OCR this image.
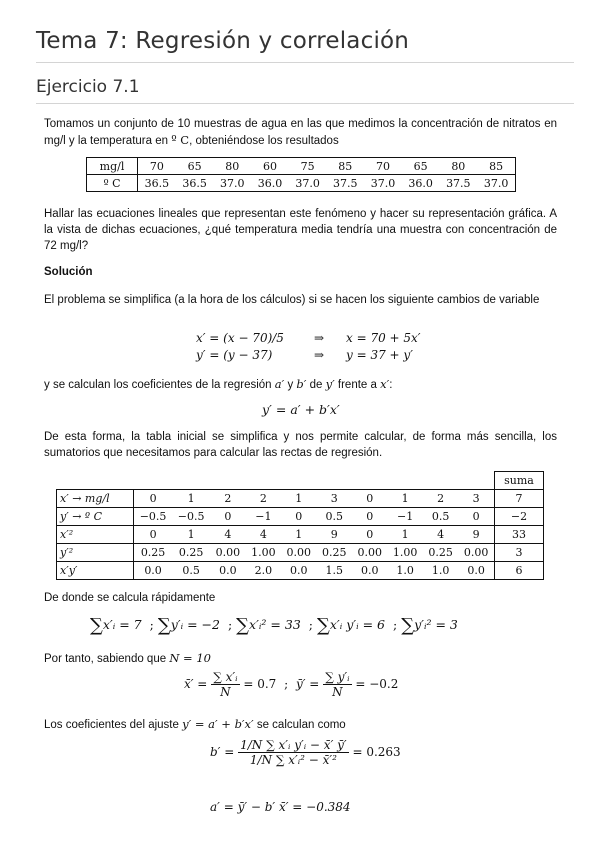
Tema 7: Regresión y correlación
Ejercicio 7.1

Tomamos un conjunto de 10 muestras de agua en las que medimos la concentración de nitratos en mg/l y la temperatura en º C, obteniéndose los resultados

mg/l	70	65	80	60	75	85	70	65	80	85
º C	36.5	36.5	37.0	36.0	37.0	37.5	37.0	36.0	37.5	37.0

Hallar las ecuaciones lineales que representan este fenómeno y hacer su representación gráfica. A la vista de dichas ecuaciones, ¿qué temperatura media tendría una muestra con concentración de 72 mg/l?

Solución

El problema se simplifica (a la hora de los cálculos) si se hacen los siguiente cambios de variable

x′ = (x − 70)/5	⇒ x = 70 + 5x′
y′ = (y − 37)	⇒ y = 37 + y′

y se calculan los coeficientes de la regresión a′ y b′ de y′ frente a x′:

y′ = a′ + b′x′

De esta forma, la tabla inicial se simplifica y nos permite calcular, de forma más sencilla, los sumatorios que necesitamos para calcular las rectas de regresión.

											suma
x′ → mg/l	0	1	2	2	1	3	0	1	2	3	7
y′ → º C	−0.5	−0.5	0	−1	0	0.5	0	−1	0.5	0	−2
x′²	0	1	4	4	1	9	0	1	4	9	33
y′²	0.25	0.25	0.00	1.00	0.00	0.25	0.00	1.00	0.25	0.00	3
x′y′	0.0	0.5	0.0	2.0	0.0	1.5	0.0	1.0	1.0	0.0	6

De donde se calcula rápidamente

∑x′ᵢ = 7 ; ∑y′ᵢ = −2 ; ∑x′ᵢ² = 33 ; ∑x′ᵢ y′ᵢ = 6 ; ∑y′ᵢ² = 3

Por tanto, sabiendo que N = 10

x̄′ = $\frac{\text{∑ x′ᵢ}}{N} = 0.7$ ; ȳ′ = $\frac{\text{∑ y′ᵢ}}{N} = -0.2$

Los coeficientes del ajuste y′ = a′ + b′x′ se calculan como

$b' = \frac{\text{1/N ∑ x′ᵢ y′ᵢ − x̄′ ȳ′}}{\text{1/N ∑ x′ᵢ² − x̄′²}} = 0.263$
a′ = ȳ′ − b′ x̄′ = −0.384
